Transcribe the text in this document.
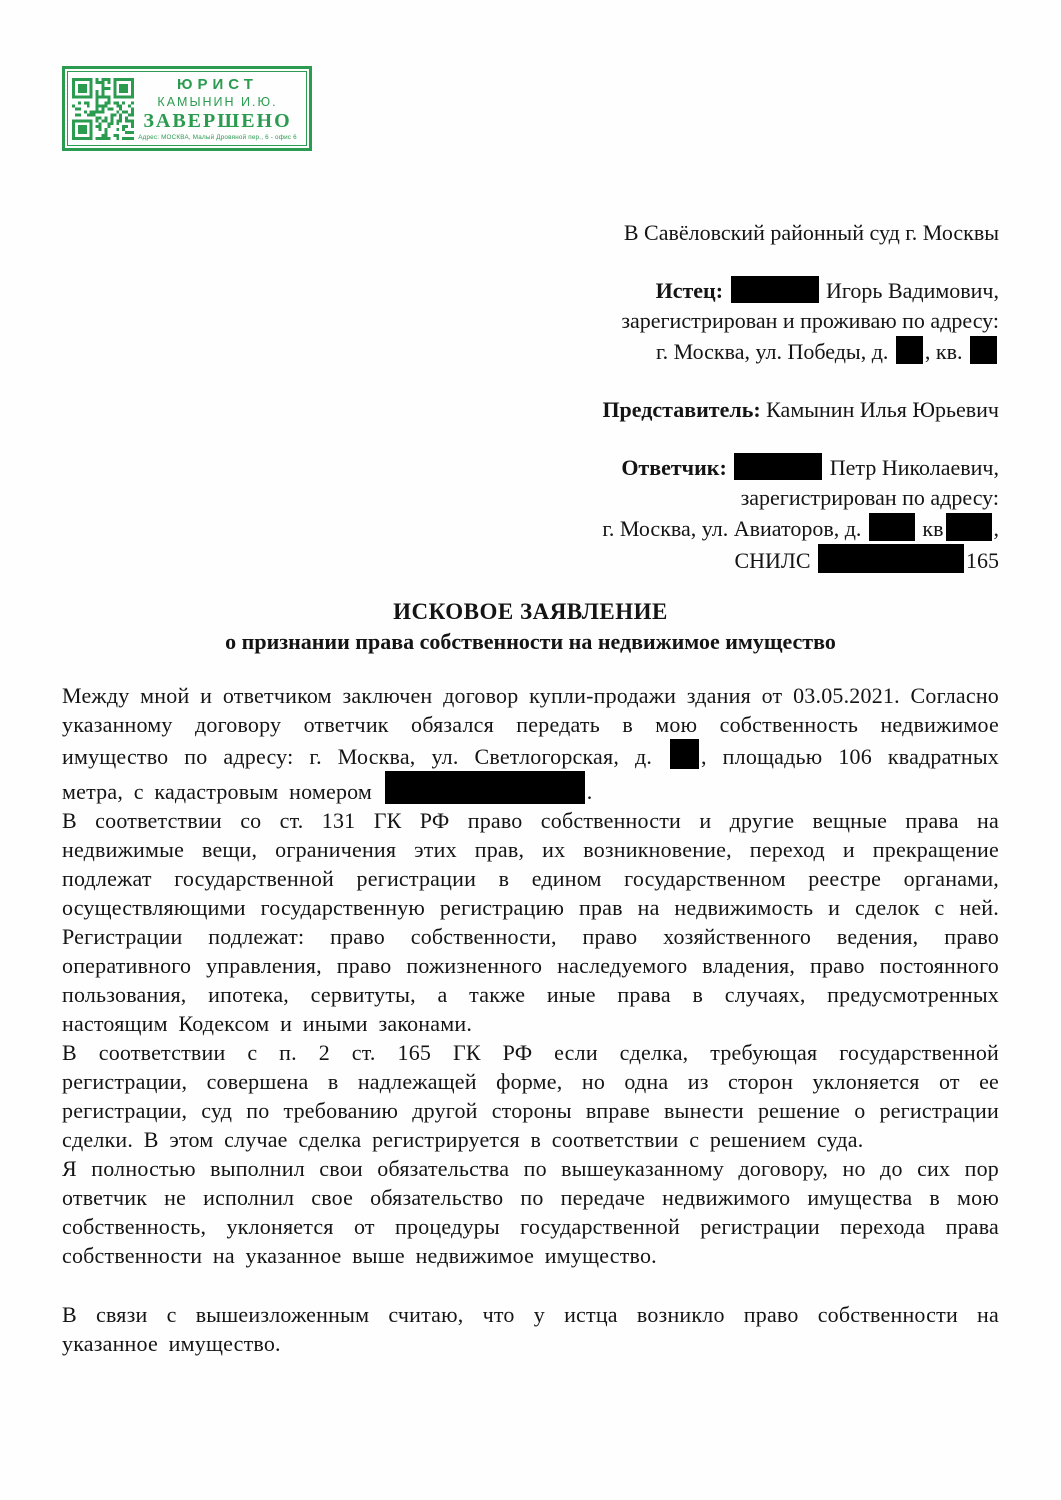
ЮРИСТ
КАМЫНИН И.Ю.
ЗАВЕРШЕНО
Адрес: МОСКВА, Малый Дровяной пер., 6 - офис 6
В Савёловский районный суд г. Москвы
Истец:	Игорь Вадимович,
зарегистрирован и проживаю по адресу:
г. Москва, ул. Победы, д. , кв.
Представитель: Камынин Илья Юрьевич
Ответчик:	Петр Николаевич,
зарегистрирован по адресу:
г. Москва, ул. Авиаторов, д.  кв ,
СНИЛС	165
ИСКОВОЕ ЗАЯВЛЕНИЕ
о признании права собственности на недвижимое имущество

Между мной и ответчиком заключен договор купли-продажи здания от 03.05.2021. Согласно указанному договору ответчик обязался передать в мою собственность недвижимое имущество по адресу: г. Москва, ул. Светлогорская, д. , площадью 106 квадратных метра, с кадастровым номером	.

В соответствии со ст. 131 ГК РФ право собственности и другие вещные права на недвижимые вещи, ограничения этих прав, их возникновение, переход и прекращение подлежат государственной регистрации в едином государственном реестре органами, осуществляющими государственную регистрацию прав на недвижимость и сделок с ней. Регистрации подлежат: право собственности, право хозяйственного ведения, право оперативного управления, право пожизненного наследуемого владения, право постоянного пользования, ипотека, сервитуты, а также иные права в случаях, предусмотренных настоящим Кодексом и иными законами.

В соответствии с п. 2 ст. 165 ГК РФ если сделка, требующая государственной регистрации, совершена в надлежащей форме, но одна из сторон уклоняется от ее регистрации, суд по требованию другой стороны вправе вынести решение о регистрации сделки. В этом случае сделка регистрируется в соответствии с решением суда.

Я полностью выполнил свои обязательства по вышеуказанному договору, но до сих пор ответчик не исполнил свое обязательство по передаче недвижимого имущества в мою собственность, уклоняется от процедуры государственной регистрации перехода права собственности на указанное выше недвижимое имущество.

В связи с вышеизложенным считаю, что у истца возникло право собственности на указанное имущество.
